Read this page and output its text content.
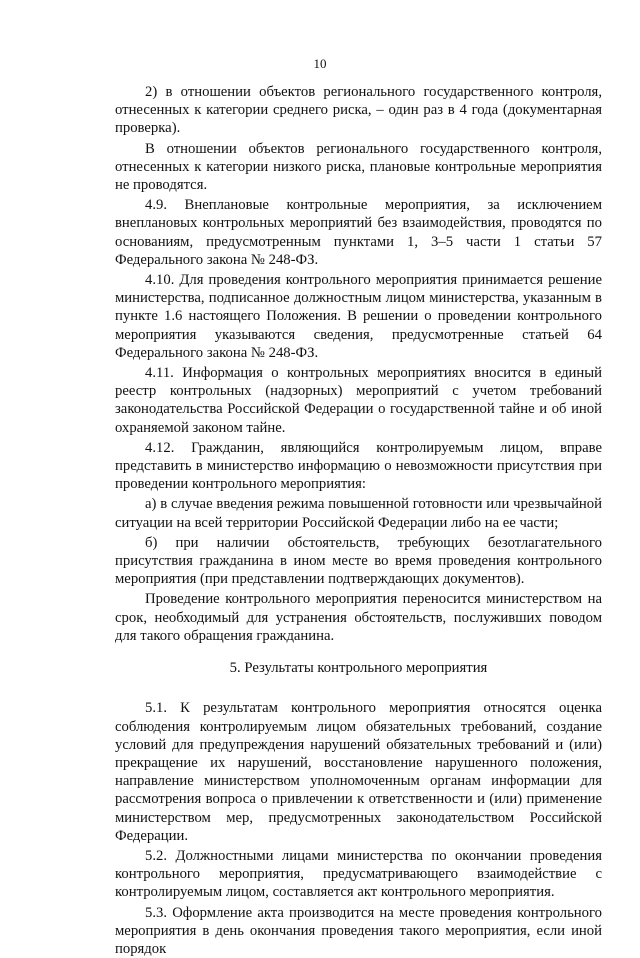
10

2) в отношении объектов регионального государственного контроля, отнесенных к категории среднего риска, – один раз в 4 года (документарная проверка).

В отношении объектов регионального государственного контроля, отнесенных к категории низкого риска, плановые контрольные мероприятия не проводятся.

4.9. Внеплановые контрольные мероприятия, за исключением внеплановых контрольных мероприятий без взаимодействия, проводятся по основаниям, предусмотренным пунктами 1, 3–5 части 1 статьи 57 Федерального закона № 248-ФЗ.

4.10. Для проведения контрольного мероприятия принимается решение министерства, подписанное должностным лицом министерства, указанным в пункте 1.6 настоящего Положения. В решении о проведении контрольного мероприятия указываются сведения, предусмотренные статьей 64 Федерального закона № 248-ФЗ.

4.11. Информация о контрольных мероприятиях вносится в единый реестр контрольных (надзорных) мероприятий с учетом требований законодательства Российской Федерации о государственной тайне и об иной охраняемой законом тайне.

4.12. Гражданин, являющийся контролируемым лицом, вправе представить в министерство информацию о невозможности присутствия при проведении контрольного мероприятия:

а) в случае введения режима повышенной готовности или чрезвычайной ситуации на всей территории Российской Федерации либо на ее части;

б) при наличии обстоятельств, требующих безотлагательного присутствия гражданина в ином месте во время проведения контрольного мероприятия (при представлении подтверждающих документов).

Проведение контрольного мероприятия переносится министерством на срок, необходимый для устранения обстоятельств, послуживших поводом для такого обращения гражданина.

5. Результаты контрольного мероприятия

5.1. К результатам контрольного мероприятия относятся оценка соблюдения контролируемым лицом обязательных требований, создание условий для предупреждения нарушений обязательных требований и (или) прекращение их нарушений, восстановление нарушенного положения, направление министерством уполномоченным органам информации для рассмотрения вопроса о привлечении к ответственности и (или) применение министерством мер, предусмотренных законодательством Российской Федерации.

5.2. Должностными лицами министерства по окончании проведения контрольного мероприятия, предусматривающего взаимодействие с контролируемым лицом, составляется акт контрольного мероприятия.

5.3. Оформление акта производится на месте проведения контрольного мероприятия в день окончания проведения такого мероприятия, если иной порядок
